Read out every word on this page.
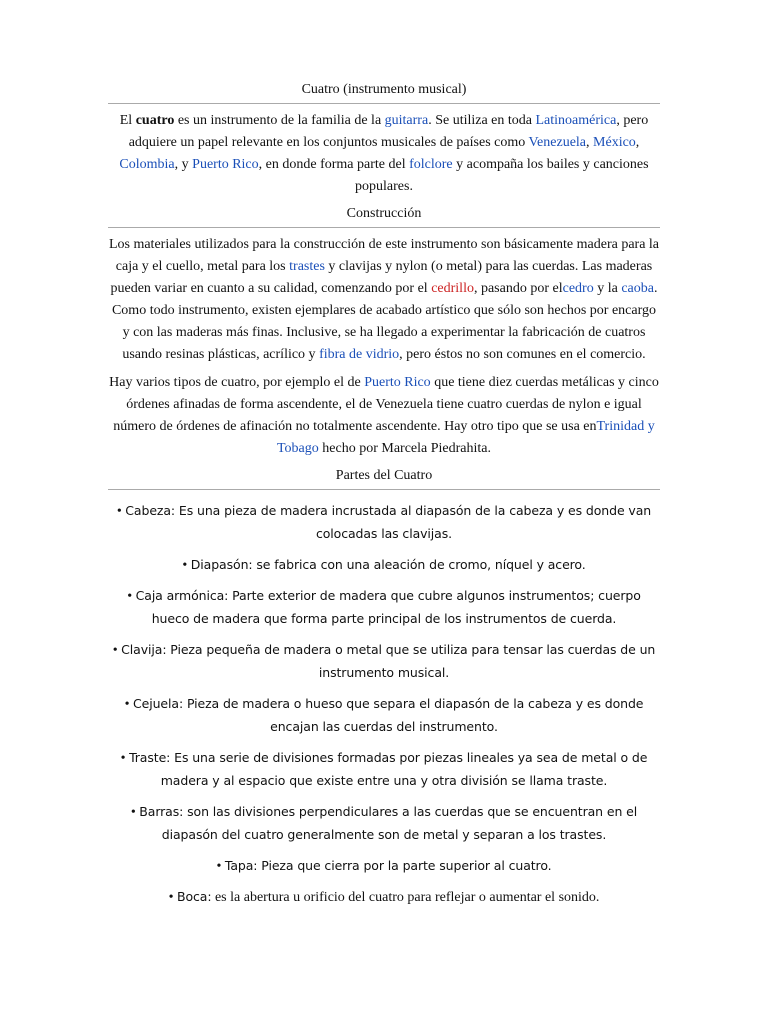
Cuatro (instrumento musical)

El cuatro es un instrumento de la familia de la guitarra. Se utiliza en toda Latinoamérica, pero adquiere un papel relevante en los conjuntos musicales de países como Venezuela, México, Colombia, y Puerto Rico, en donde forma parte del folclore y acompaña los bailes y canciones populares.

Construcción

Los materiales utilizados para la construcción de este instrumento son básicamente madera para la caja y el cuello, metal para los trastes y clavijas y nylon (o metal) para las cuerdas. Las maderas pueden variar en cuanto a su calidad, comenzando por el cedrillo, pasando por elcedro y la caoba. Como todo instrumento, existen ejemplares de acabado artístico que sólo son hechos por encargo y con las maderas más finas. Inclusive, se ha llegado a experimentar la fabricación de cuatros usando resinas plásticas, acrílico y fibra de vidrio, pero éstos no son comunes en el comercio.

Hay varios tipos de cuatro, por ejemplo el de Puerto Rico que tiene diez cuerdas metálicas y cinco órdenes afinadas de forma ascendente, el de Venezuela tiene cuatro cuerdas de nylon e igual número de órdenes de afinación no totalmente ascendente. Hay otro tipo que se usa enTrinidad y Tobago hecho por Marcela Piedrahita.

Partes del Cuatro
• Cabeza: Es una pieza de madera incrustada al diapasón de la cabeza y es donde van colocadas las clavijas.
• Diapasón: se fabrica con una aleación de cromo, níquel y acero.
• Caja armónica: Parte exterior de madera que cubre algunos instrumentos; cuerpo hueco de madera que forma parte principal de los instrumentos de cuerda.
• Clavija: Pieza pequeña de madera o metal que se utiliza para tensar las cuerdas de un instrumento musical.
• Cejuela: Pieza de madera o hueso que separa el diapasón de la cabeza y es donde encajan las cuerdas del instrumento.
• Traste: Es una serie de divisiones formadas por piezas lineales ya sea de metal o de madera y al espacio que existe entre una y otra división se llama traste.
• Barras: son las divisiones perpendiculares a las cuerdas que se encuentran en el diapasón del cuatro generalmente son de metal y separan a los trastes.
• Tapa: Pieza que cierra por la parte superior al cuatro.
• Boca: es la abertura u orificio del cuatro para reflejar o aumentar el sonido.
